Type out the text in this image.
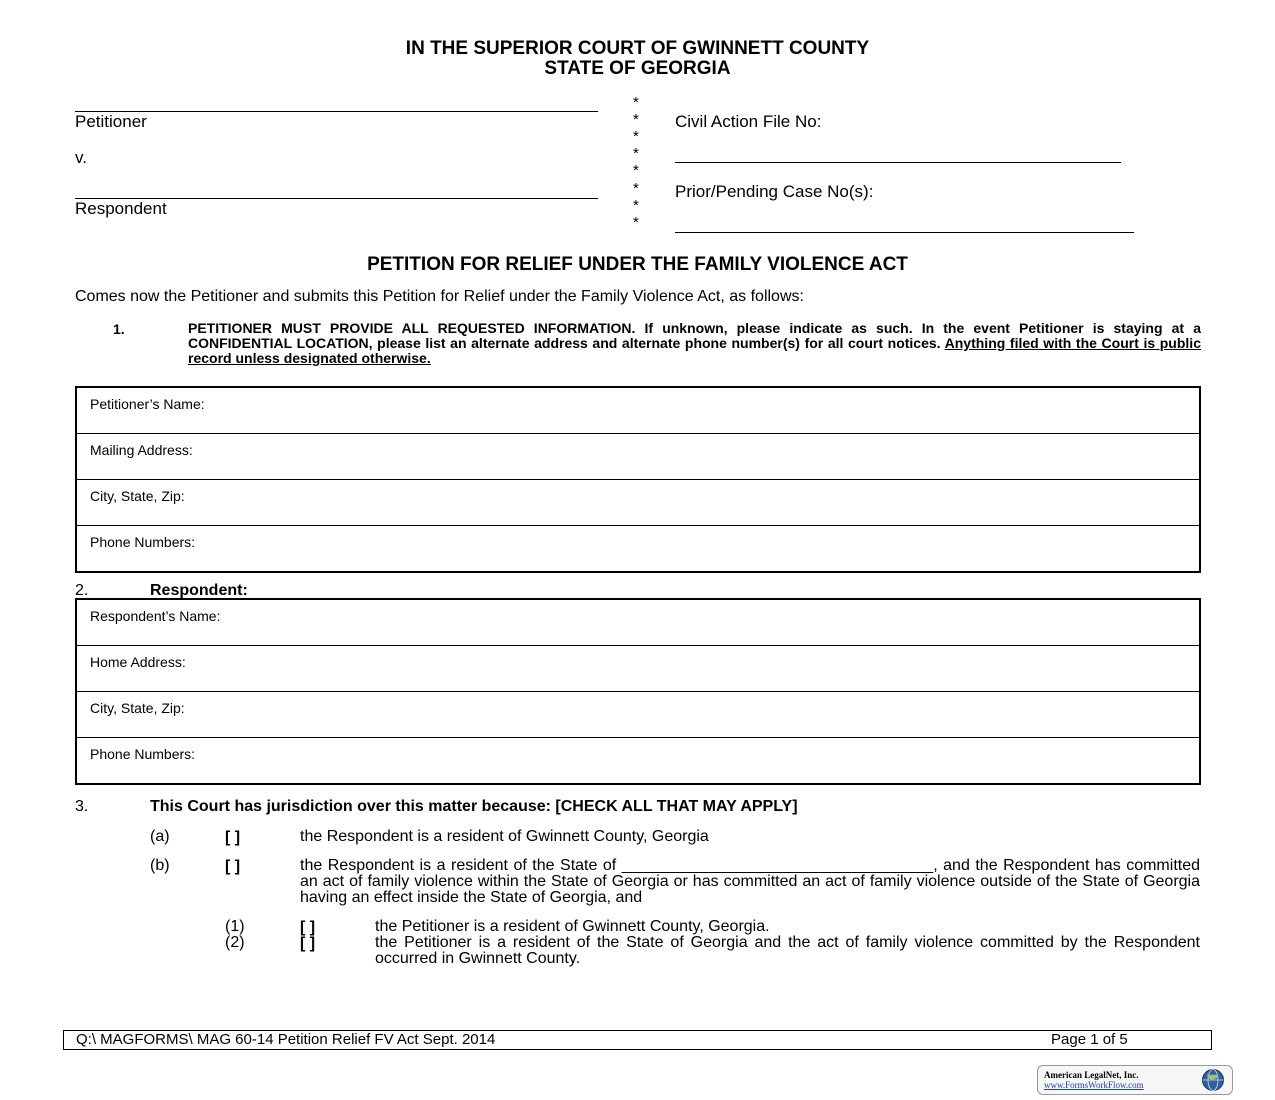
IN THE SUPERIOR COURT OF GWINNETT COUNTY
STATE OF GEORGIA
Petitioner
v.
Respondent
*
*
*
*
*
*
*
*
Civil Action File No:
Prior/Pending Case No(s):
PETITION FOR RELIEF UNDER THE FAMILY VIOLENCE ACT
Comes now the Petitioner and submits this Petition for Relief under the Family Violence Act, as follows:
1.	PETITIONER MUST PROVIDE ALL REQUESTED INFORMATION. If unknown, please indicate as such. In the event Petitioner is staying at a CONFIDENTIAL LOCATION, please list an alternate address and alternate phone number(s) for all court notices. Anything filed with the Court is public record unless designated otherwise.
Petitioner’s Name:
Mailing Address:
City, State, Zip:
Phone Numbers:
2.	Respondent:
Respondent’s Name:
Home Address:
City, State, Zip:
Phone Numbers:
3.	This Court has jurisdiction over this matter because: [CHECK ALL THAT MAY APPLY]
(a)	[ ]	the Respondent is a resident of Gwinnett County, Georgia
(b)	[ ]	the Respondent is a resident of the State of ___________________________________, and the Respondent has committed an act of family violence within the State of Georgia or has committed an act of family violence outside of the State of Georgia having an effect inside the State of Georgia, and
(1)	[ ]	the Petitioner is a resident of Gwinnett County, Georgia.
(2)	[ ]	the Petitioner is a resident of the State of Georgia and the act of family violence committed by the Respondent occurred in Gwinnett County.
Q:\ MAGFORMS\ MAG 60-14 Petition Relief FV Act Sept. 2014	Page 1 of 5
American LegalNet, Inc.
www.FormsWorkFlow.com
